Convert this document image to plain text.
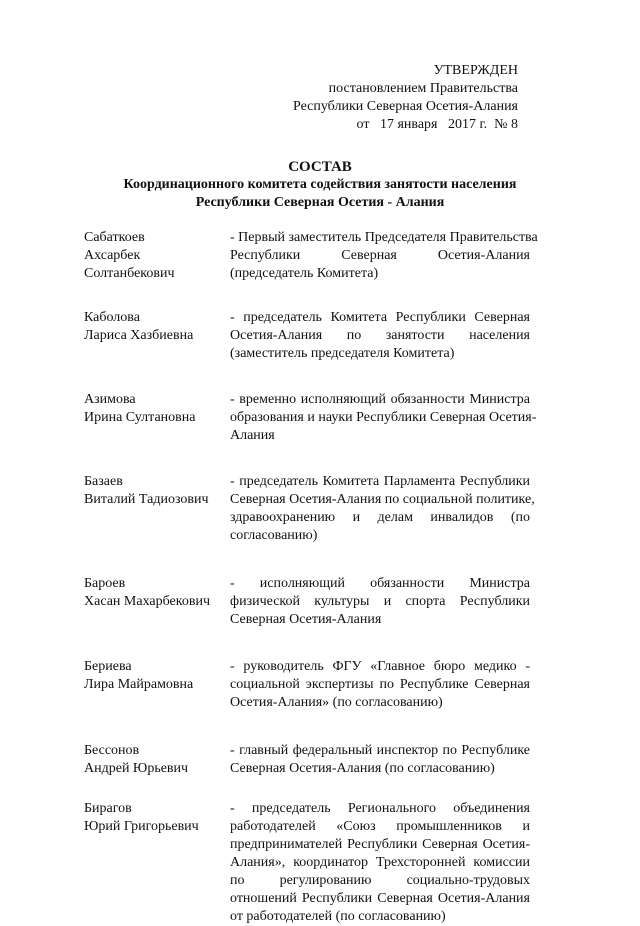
УТВЕРЖДЕН
постановлением Правительства
Республики Северная Осетия-Алания
от   17 января   2017 г.  № 8
СОСТАВ
Координационного комитета содействия занятости населения
Республики Северная Осетия - Алания
Сабаткоев
Ахсарбек
Солтанбекович
- Первый заместитель Председателя Правительства
Республики Северная Осетия-Алания
(председатель Комитета)
Каболова
Лариса Хазбиевна
- председатель Комитета Республики Северная
Осетия-Алания по занятости населения
(заместитель председателя Комитета)
Азимова
Ирина Султановна
- временно исполняющий обязанности Министра
образования и науки Республики Северная Осетия-
Алания
Базаев
Виталий Тадиозович
- председатель Комитета Парламента Республики
Северная Осетия-Алания по социальной политике,
здравоохранению и делам инвалидов (по
согласованию)
Бароев
Хасан Махарбекович
- исполняющий обязанности Министра
физической культуры и спорта Республики
Северная Осетия-Алания
Бериева
Лира Майрамовна
- руководитель ФГУ «Главное бюро медико -
социальной экспертизы по Республике Северная
Осетия-Алания» (по согласованию)
Бессонов
Андрей Юрьевич
- главный федеральный инспектор по Республике
Северная Осетия-Алания (по согласованию)
Бирагов
Юрий Григорьевич
- председатель Регионального объединения
работодателей «Союз промышленников и
предпринимателей Республики Северная Осетия-
Алания», координатор Трехсторонней комиссии
по регулированию социально-трудовых
отношений Республики Северная Осетия-Алания
от работодателей (по согласованию)
